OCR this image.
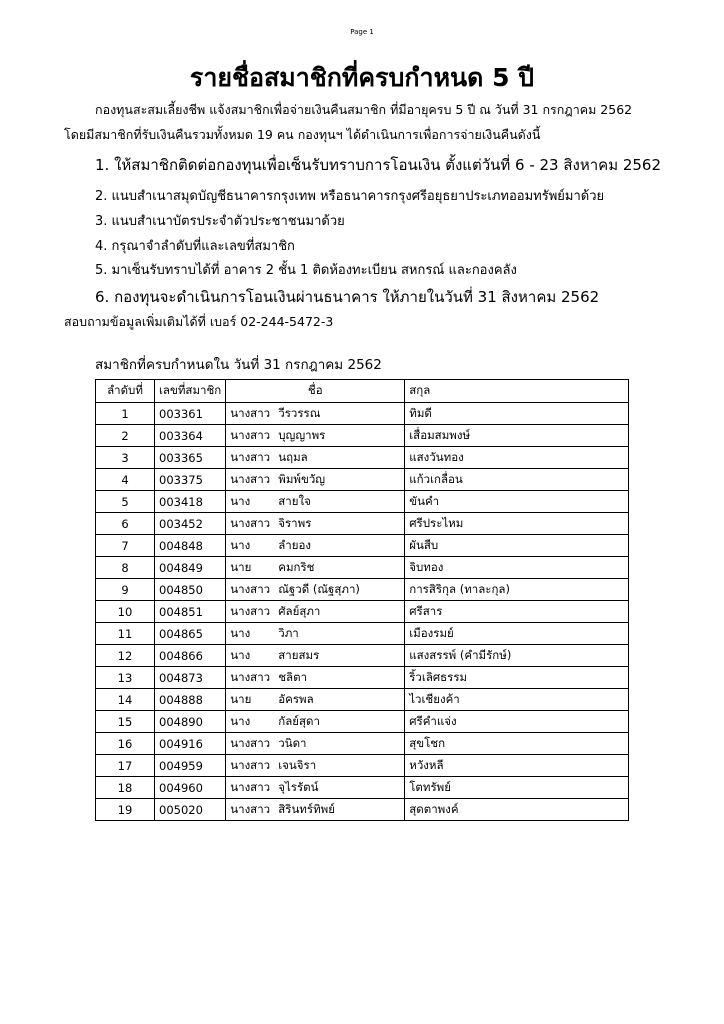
Page 1
รายชื่อสมาชิกที่ครบกำหนด 5 ปี
กองทุนสะสมเลี้ยงชีพ แจ้งสมาชิกเพื่อจ่ายเงินคืนสมาชิก ที่มีอายุครบ 5 ปี ณ วันที่ 31 กรกฎาคม 2562
โดยมีสมาชิกที่รับเงินคืนรวมทั้งหมด 19 คน กองทุนฯ ได้ดำเนินการเพื่อการจ่ายเงินคืนดังนี้
1. ให้สมาชิกติดต่อกองทุนเพื่อเซ็นรับทราบการโอนเงิน ตั้งแต่วันที่ 6 - 23 สิงหาคม 2562
2. แนบสำเนาสมุดบัญชีธนาคารกรุงเทพ หรือธนาคารกรุงศรีอยุธยาประเภทออมทรัพย์มาด้วย
3. แนบสำเนาบัตรประจำตัวประชาชนมาด้วย
4. กรุณาจำลำดับที่และเลขที่สมาชิก
5. มาเซ็นรับทราบได้ที่ อาคาร 2 ชั้น 1 ติดห้องทะเบียน สหกรณ์ และกองคลัง
6. กองทุนจะดำเนินการโอนเงินผ่านธนาคาร ให้ภายในวันที่ 31 สิงหาคม 2562
สอบถามข้อมูลเพิ่มเติมได้ที่ เบอร์ 02-244-5472-3
สมาชิกที่ครบกำหนดใน วันที่ 31 กรกฎาคม 2562
ลำดับที่	เลขที่สมาชิก	ชื่อ		สกุล
1	003361	นางสาว	วีรวรรณ	ทิมดี
2	003364	นางสาว	บุญญาพร	เสื่อมสมพงษ์
3	003365	นางสาว	นฤมล	แสงวันทอง
4	003375	นางสาว	พิมพ์ขวัญ	แก้วเกลื่อน
5	003418	นาง	สายใจ	ขันคำ
6	003452	นางสาว	จิราพร	ศรีประไหม
7	004848	นาง	ลำยอง	ผันสืบ
8	004849	นาย	คมกริช	จิบทอง
9	004850	นางสาว	ณัฐวดี (ณัฐสุภา)	การสิริกุล (ทาละกุล)
10	004851	นางสาว	ศัลย์สุภา	ศรีสาร
11	004865	นาง	วิภา	เมืองรมย์
12	004866	นาง	สายสมร	แสงสรรพ์ (คำมีรักษ์)
13	004873	นางสาว	ชลิตา	ริ้วเลิศธรรม
14	004888	นาย	อัครพล	ไวเชียงค้า
15	004890	นาง	กัลย์สุดา	ศรีคำแจ่ง
16	004916	นางสาว	วนิดา	สุขโชก
17	004959	นางสาว	เจนจิรา	หวังหลี
18	004960	นางสาว	จุไรรัตน์	โตทรัพย์
19	005020	นางสาว	สิรินทร์ทิพย์	สุดตาพงค์
